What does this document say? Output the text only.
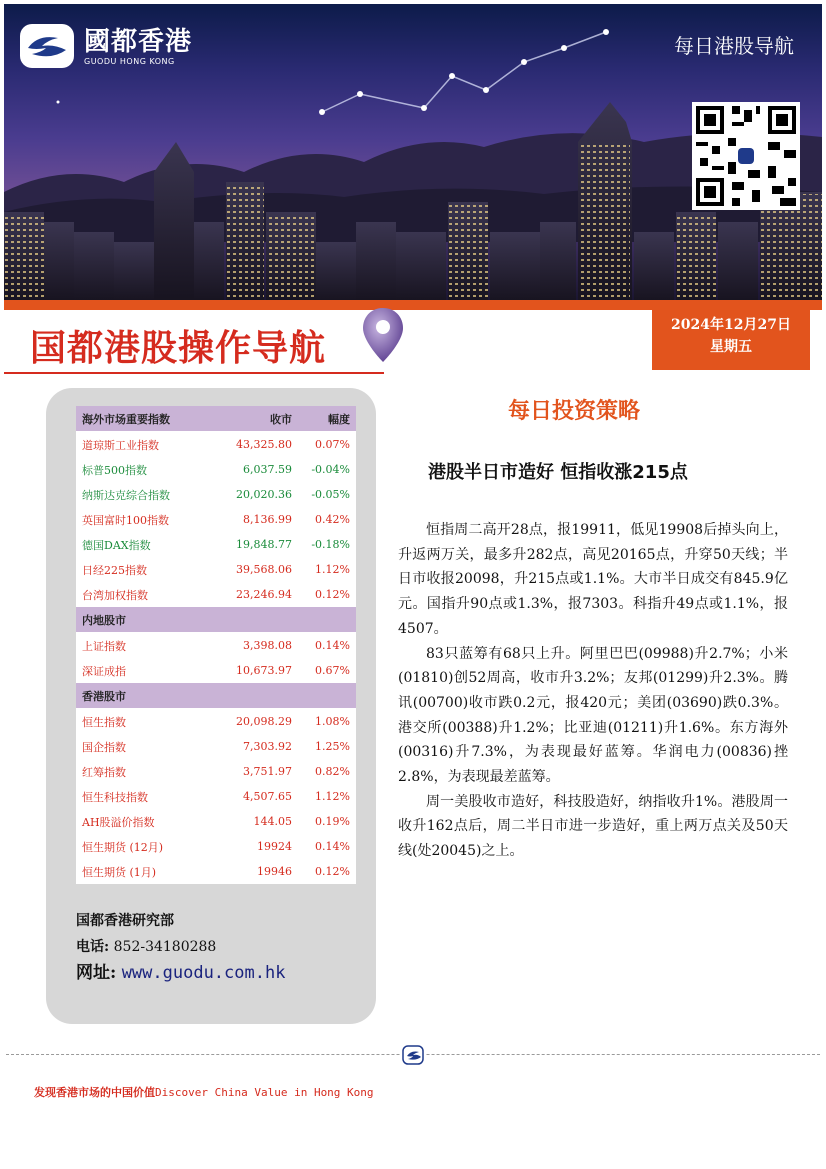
國都香港
GUODU HONG KONG
每日港股导航
国都港股操作导航
2024年12月27日
星期五
海外市场重要指数	收市	幅度
道琼斯工业指数	43,325.80	0.07%
标普500指数	6,037.59	-0.04%
纳斯达克综合指数	20,020.36	-0.05%
英国富时100指数	8,136.99	0.42%
德国DAX指数	19,848.77	-0.18%
日经225指数	39,568.06	1.12%
台湾加权指数	23,246.94	0.12%
内地股市		
上证指数	3,398.08	0.14%
深证成指	10,673.97	0.67%
香港股市		
恒生指数	20,098.29	1.08%
国企指数	7,303.92	1.25%
红筹指数	3,751.97	0.82%
恒生科技指数	4,507.65	1.12%
AH股溢价指数	144.05	0.19%
恒生期货 (12月)	19924	0.14%
恒生期货 (1月)	19946	0.12%
国都香港研究部
电话: 852-34180288
网址: www.guodu.com.hk
每日投资策略
港股半日市造好 恒指收涨215点

恒指周二高开28点，报19911，低见19908后掉头向上，升返两万关，最多升282点，高见20165点，升穿50天线；半日市收报20098，升215点或1.1%。大市半日成交有845.9亿元。国指升90点或1.3%，报7303。科指升49点或1.1%，报4507。

83只蓝筹有68只上升。阿里巴巴(09988)升2.7%；小米(01810)创52周高，收市升3.2%；友邦(01299)升2.3%。腾讯(00700)收市跌0.2元，报420元；美团(03690)跌0.3%。港交所(00388)升1.2%；比亚迪(01211)升1.6%。东方海外(00316)升7.3%，为表现最好蓝筹。华润电力(00836)挫2.8%，为表现最差蓝筹。

周一美股收市造好，科技股造好，纳指收升1%。港股周一收升162点后，周二半日市进一步造好，重上两万点关及50天线(处20045)之上。

发现香港市场的中国价值Discover China Value in Hong Kong
